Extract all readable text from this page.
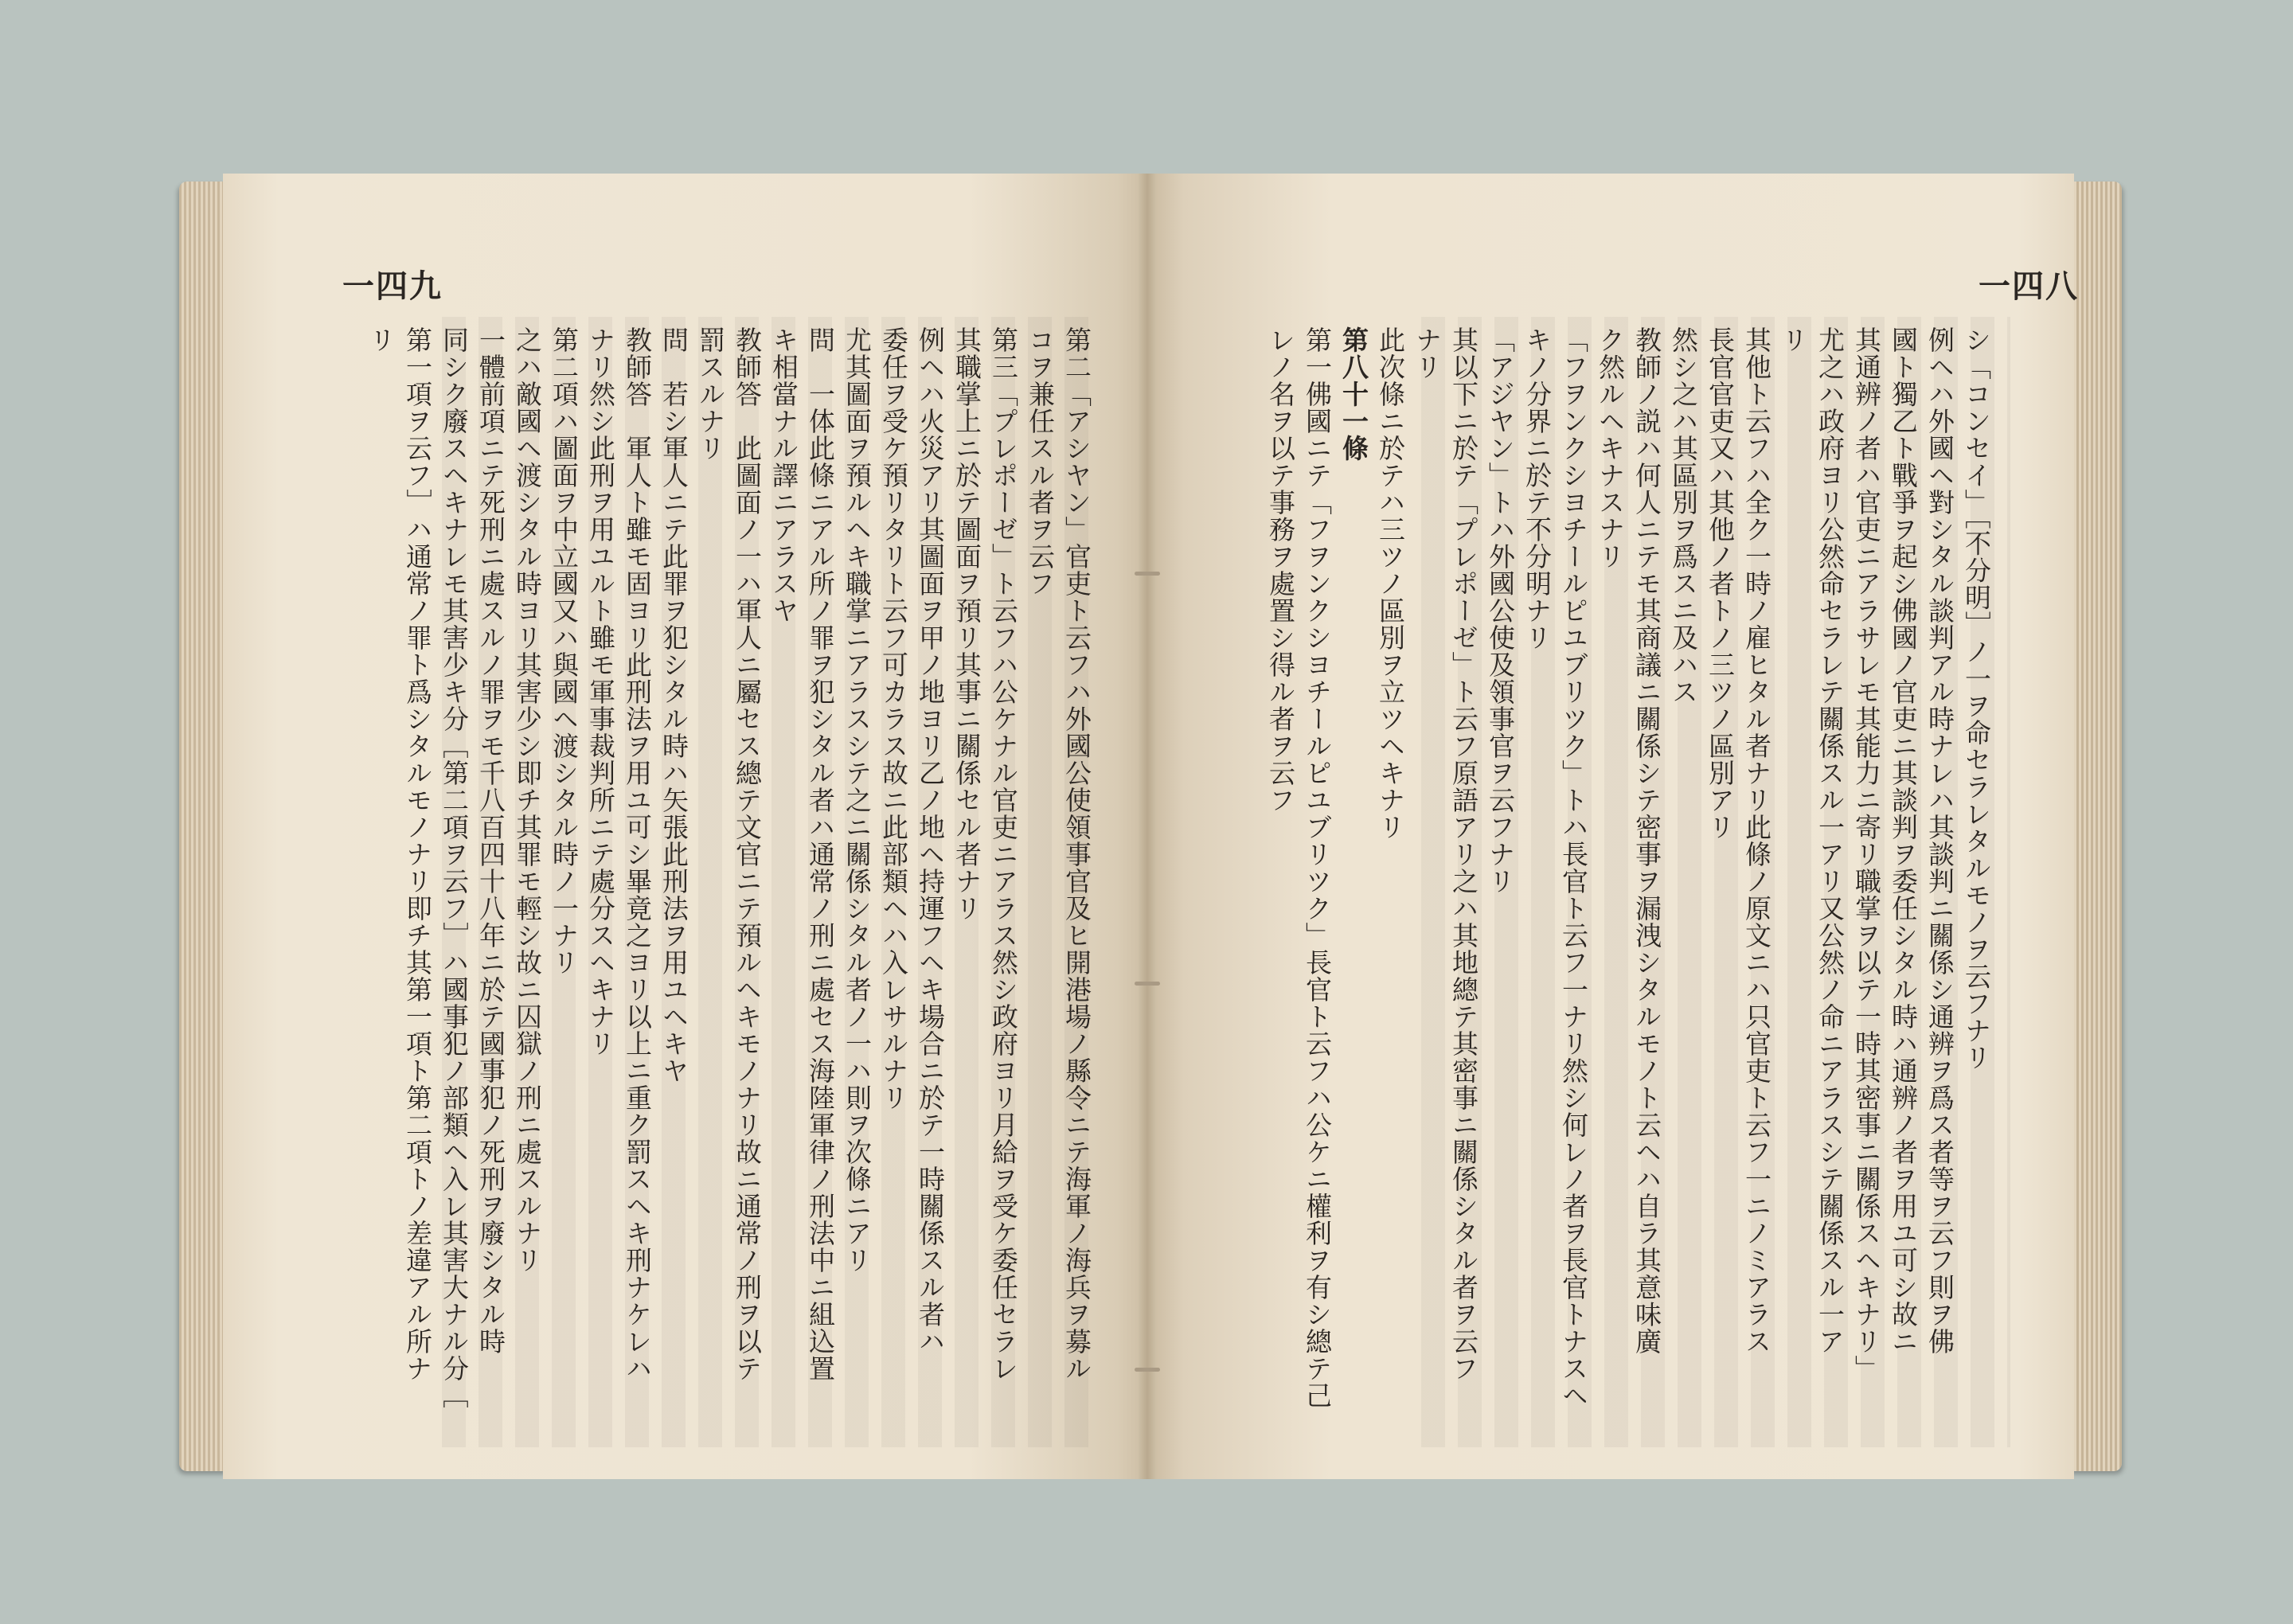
一四九	一四八
第二「アシヤン」官吏ト云フハ外國公使領事官及ヒ開港場ノ縣令ニテ海軍ノ海兵ヲ募ル
コヲ兼任スル者ヲ云フ
第三「プレポーゼ」ト云フハ公ケナル官吏ニアラス然シ政府ヨリ月給ヲ受ケ委任セラレ
其職掌上ニ於テ圖面ヲ預リ其事ニ關係セル者ナリ
例ヘハ火災アリ其圖面ヲ甲ノ地ヨリ乙ノ地ヘ持運フヘキ場合ニ於テ一時關係スル者ハ
委任ヲ受ケ預リタリト云フ可カラス故ニ此部類ヘハ入レサルナリ
尤其圖面ヲ預ルヘキ職掌ニアラスシテ之ニ關係シタル者ノ一ハ則ヲ次條ニアリ
問　一体此條ニアル所ノ罪ヲ犯シタル者ハ通常ノ刑ニ處セス海陸軍律ノ刑法中ニ組込置
キ相當ナル譯ニアラスヤ
教師答　此圖面ノ一ハ軍人ニ屬セス總テ文官ニテ預ルヘキモノナリ故ニ通常ノ刑ヲ以テ
罰スルナリ
問　若シ軍人ニテ此罪ヲ犯シタル時ハ矢張此刑法ヲ用ユヘキヤ
教師答　軍人ト雖モ固ヨリ此刑法ヲ用ユ可シ畢竟之ヨリ以上ニ重ク罰スヘキ刑ナケレハ
ナリ然シ此刑ヲ用ユルト雖モ軍事裁判所ニテ處分スヘキナリ
第二項ハ圖面ヲ中立國又ハ與國ヘ渡シタル時ノ一ナリ
之ハ敵國ヘ渡シタル時ヨリ其害少シ即チ其罪モ輕シ故ニ囚獄ノ刑ニ處スルナリ
一體前項ニテ死刑ニ處スルノ罪ヲモ千八百四十八年ニ於テ國事犯ノ死刑ヲ廢シタル時
同シク廢スヘキナレモ其害少キ分［第二項ヲ云フ］ハ國事犯ノ部類ヘ入レ其害大ナル分［
第一項ヲ云フ］ハ通常ノ罪ト爲シタルモノナリ即チ其第一項ト第二項トノ差違アル所ナ
リ	シ「コンセイ」［不分明］ノ一ヲ命セラレタルモノヲ云フナリ
例ヘハ外國ヘ對シタル談判アル時ナレハ其談判ニ關係シ通辨ヲ爲ス者等ヲ云フ則ヲ佛
國ト獨乙ト戰爭ヲ起シ佛國ノ官吏ニ其談判ヲ委任シタル時ハ通辨ノ者ヲ用ユ可シ故ニ
其通辨ノ者ハ官吏ニアラサレモ其能力ニ寄リ職掌ヲ以テ一時其密事ニ關係スヘキナリ」
尤之ハ政府ヨリ公然命セラレテ關係スル一アリ又公然ノ命ニアラスシテ關係スル一ア
リ
其他ト云フハ全ク一時ノ雇ヒタル者ナリ此條ノ原文ニハ只官吏ト云フ一ニノミアラス
長官官吏又ハ其他ノ者トノ三ツノ區別アリ
然シ之ハ其區別ヲ爲スニ及ハス
教師ノ説ハ何人ニテモ其商議ニ關係シテ密事ヲ漏洩シタルモノト云ヘハ自ラ其意味廣
ク然ルヘキナスナリ
「フヲンクシヨチールピユブリツク」トハ長官ト云フ一ナリ然シ何レノ者ヲ長官トナスヘ
キノ分界ニ於テ不分明ナリ
「アジヤン」トハ外國公使及領事官ヲ云フナリ
其以下ニ於テ「プレポーゼ」ト云フ原語アリ之ハ其地總テ其密事ニ關係シタル者ヲ云フ
ナリ
此次條ニ於テハ三ツノ區別ヲ立ツヘキナリ
第八十一條
第一佛國ニテ「フヲンクシヨチールピユブリツク」長官ト云フハ公ケニ權利ヲ有シ總テ己
レノ名ヲ以テ事務ヲ處置シ得ル者ヲ云フ
